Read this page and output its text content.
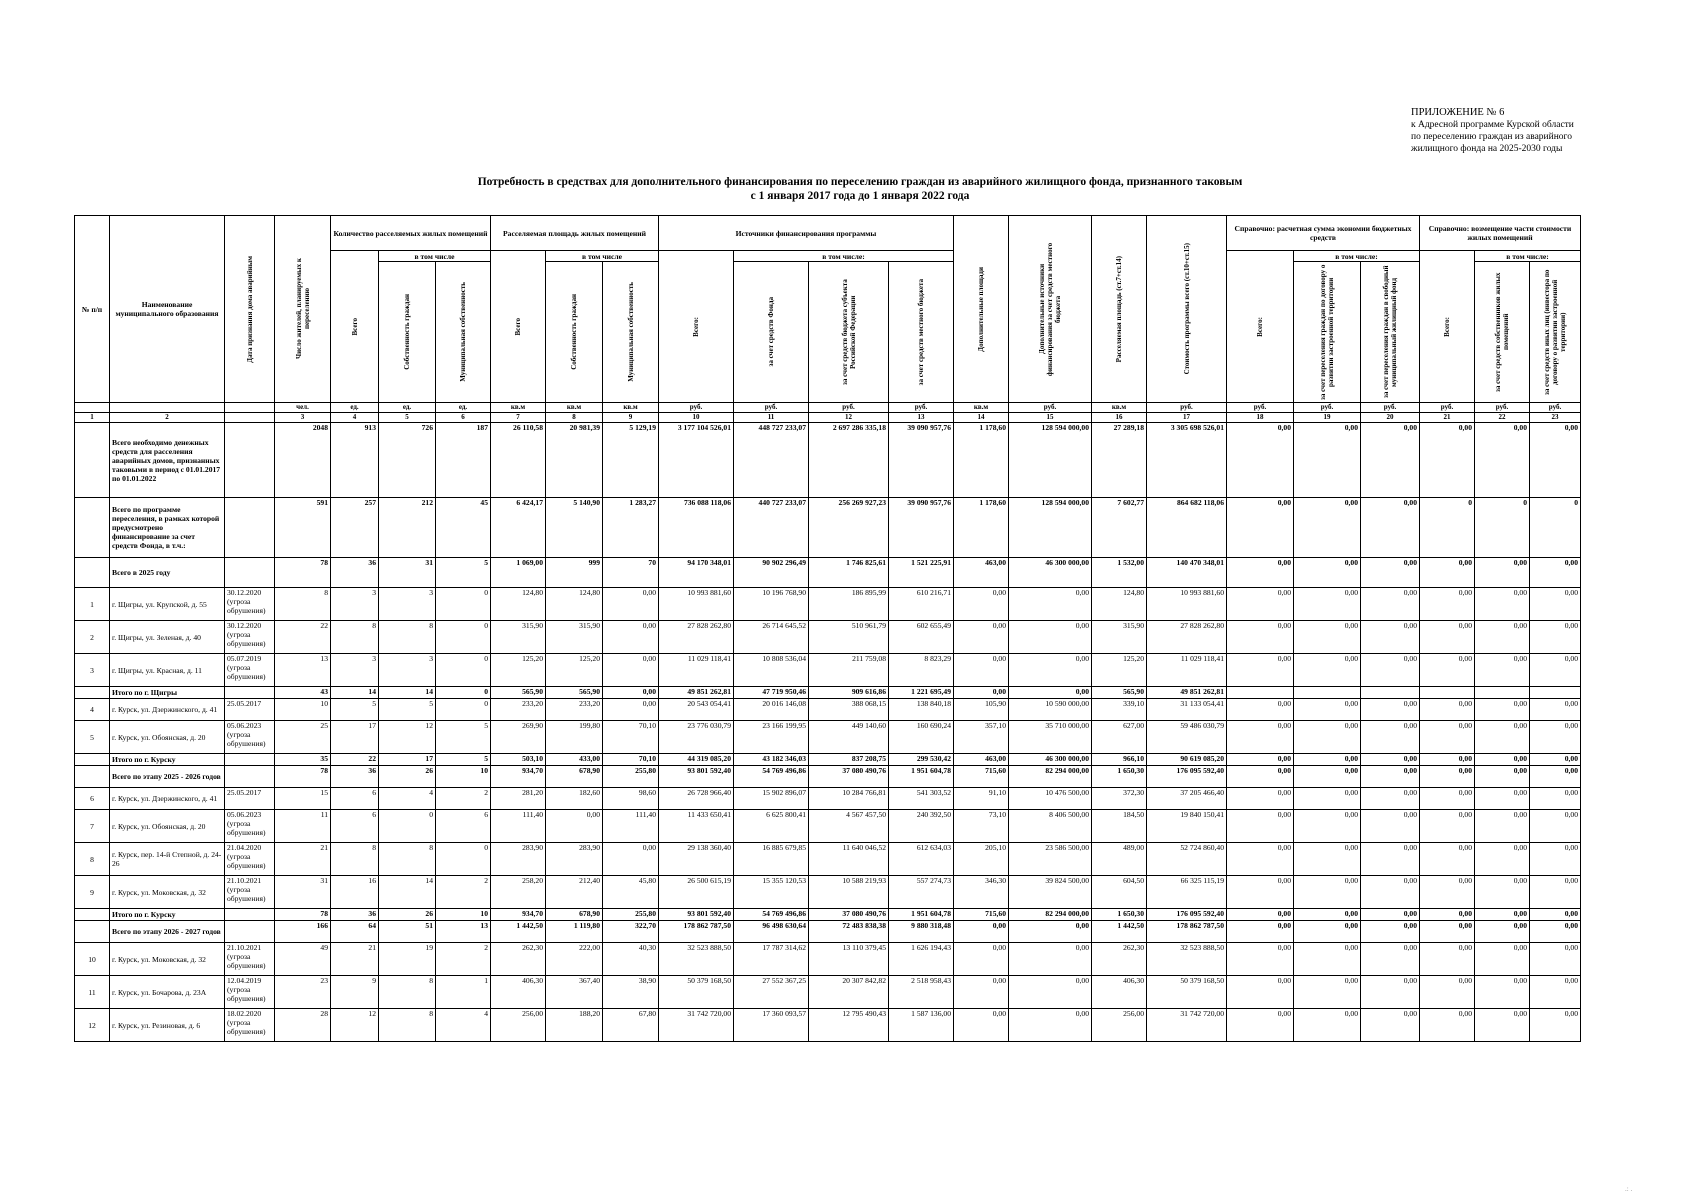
ПРИЛОЖЕНИЕ № 6
к Адресной программе Курской области
по переселению граждан из аварийного
жилищного фонда на 2025-2030 годы
Потребность в средствах для дополнительного финансирования по переселению граждан из аварийного жилищного фонда, признанного таковым
с 1 января 2017 года до 1 января 2022 года
№ п/п	Наименование муниципального образования	Дата признания дома аварийным	Число жителей, планируемых к переселению	Количество расселяемых жилых помещений			Расселяемая площадь жилых помещений			Источники финансирования программы				Дополнительные площади	Дополнительные источники финансирования за счет средств местного бюджета	Расселяемая площадь (ст.7+ст.14)	Стоимость программы всего (ст.10+ст.15)	Справочно: расчетная сумма экономии бюджетных средств			Справочно: возмещение части стоимости жилых помещений		

				Всего	в том числе		Всего	в том числе		Всего:	в том числе:							Всего:	в том числе:		Всего:	в том числе:	

					Собственность граждан	Муниципальная собственность		Собственность граждан	Муниципальная собственность		за счет средств Фонда	за счет средств бюджета субъекта Российской Федерации	за счет средств местного бюджета						за счет переселения граждан по договору о развитии застроенной территории	за счет переселения граждан в свободный муниципальный жилищный фонд		за счет средств собственников жилых помещений	за счет средств иных лиц (инвестора по договору о развитии застроенной территории)

			чел.	ед.	ед.	ед.	кв.м	кв.м	кв.м	руб.	руб.	руб.	руб.	кв.м	руб.	кв.м	руб.	руб.	руб.	руб.	руб.	руб.	руб.
1	2		3	4	5	6	7	8	9	10	11	12	13	14	15	16	17	18	19	20	21	22	23
	Всего необходимо денежных средств для расселения аварийных домов, признанных таковыми в период с 01.01.2017 по 01.01.2022		2048	913	726	187	26 110,58	20 981,39	5 129,19	3 177 104 526,01	448 727 233,07	2 697 286 335,18	39 090 957,76	1 178,60	128 594 000,00	27 289,18	3 305 698 526,01	0,00	0,00	0,00	0,00	0,00	0,00
	Всего по программе переселения, в рамках которой предусмотрено финансирование за счет средств Фонда, в т.ч.:		591	257	212	45	6 424,17	5 140,90	1 283,27	736 088 118,06	440 727 233,07	256 269 927,23	39 090 957,76	1 178,60	128 594 000,00	7 602,77	864 682 118,06	0,00	0,00	0,00	0	0	0
	Всего в 2025 году		78	36	31	5	1 069,00	999	70	94 170 348,01	90 902 296,49	1 746 825,61	1 521 225,91	463,00	46 300 000,00	1 532,00	140 470 348,01	0,00	0,00	0,00	0,00	0,00	0,00
1	г. Щигры, ул. Крупской, д. 55	30.12.2020 (угроза обрушения)	8	3	3	0	124,80	124,80	0,00	10 993 881,60	10 196 768,90	186 895,99	610 216,71	0,00	0,00	124,80	10 993 881,60	0,00	0,00	0,00	0,00	0,00	0,00
2	г. Щигры, ул. Зеленая, д. 40	30.12.2020 (угроза обрушения)	22	8	8	0	315,90	315,90	0,00	27 828 262,80	26 714 645,52	510 961,79	602 655,49	0,00	0,00	315,90	27 828 262,80	0,00	0,00	0,00	0,00	0,00	0,00
3	г. Щигры, ул. Красная, д. 11	05.07.2019 (угроза обрушения)	13	3	3	0	125,20	125,20	0,00	11 029 118,41	10 808 536,04	211 759,08	8 823,29	0,00	0,00	125,20	11 029 118,41	0,00	0,00	0,00	0,00	0,00	0,00
	Итого по г. Щигры		43	14	14	0	565,90	565,90	0,00	49 851 262,81	47 719 950,46	909 616,86	1 221 695,49	0,00	0,00	565,90	49 851 262,81						
4	г. Курск, ул. Дзержинского, д. 41	25.05.2017	10	5	5	0	233,20	233,20	0,00	20 543 054,41	20 016 146,08	388 068,15	138 840,18	105,90	10 590 000,00	339,10	31 133 054,41	0,00	0,00	0,00	0,00	0,00	0,00
5	г. Курск, ул. Обоянская, д. 20	05.06.2023 (угроза обрушения)	25	17	12	5	269,90	199,80	70,10	23 776 030,79	23 166 199,95	449 140,60	160 690,24	357,10	35 710 000,00	627,00	59 486 030,79	0,00	0,00	0,00	0,00	0,00	0,00
	Итого по г. Курску		35	22	17	5	503,10	433,00	70,10	44 319 085,20	43 182 346,03	837 208,75	299 530,42	463,00	46 300 000,00	966,10	90 619 085,20	0,00	0,00	0,00	0,00	0,00	0,00
	Всего по этапу 2025 - 2026 годов		78	36	26	10	934,70	678,90	255,80	93 801 592,40	54 769 496,86	37 080 490,76	1 951 604,78	715,60	82 294 000,00	1 650,30	176 095 592,40	0,00	0,00	0,00	0,00	0,00	0,00
6	г. Курск, ул. Дзержинского, д. 41	25.05.2017	15	6	4	2	281,20	182,60	98,60	26 728 966,40	15 902 896,07	10 284 766,81	541 303,52	91,10	10 476 500,00	372,30	37 205 466,40	0,00	0,00	0,00	0,00	0,00	0,00
7	г. Курск, ул. Обоянская, д. 20	05.06.2023 (угроза обрушения)	11	6	0	6	111,40	0,00	111,40	11 433 650,41	6 625 800,41	4 567 457,50	240 392,50	73,10	8 406 500,00	184,50	19 840 150,41	0,00	0,00	0,00	0,00	0,00	0,00
8	г. Курск, пер. 14-й Степной, д. 24-26	21.04.2020 (угроза обрушения)	21	8	8	0	283,90	283,90	0,00	29 138 360,40	16 885 679,85	11 640 046,52	612 634,03	205,10	23 586 500,00	489,00	52 724 860,40	0,00	0,00	0,00	0,00	0,00	0,00
9	г. Курск, ул. Моковская, д. 32	21.10.2021 (угроза обрушения)	31	16	14	2	258,20	212,40	45,80	26 500 615,19	15 355 120,53	10 588 219,93	557 274,73	346,30	39 824 500,00	604,50	66 325 115,19	0,00	0,00	0,00	0,00	0,00	0,00
	Итого по г. Курску		78	36	26	10	934,70	678,90	255,80	93 801 592,40	54 769 496,86	37 080 490,76	1 951 604,78	715,60	82 294 000,00	1 650,30	176 095 592,40	0,00	0,00	0,00	0,00	0,00	0,00
	Всего по этапу 2026 - 2027 годов		166	64	51	13	1 442,50	1 119,80	322,70	178 862 787,50	96 498 630,64	72 483 838,38	9 880 318,48	0,00	0,00	1 442,50	178 862 787,50	0,00	0,00	0,00	0,00	0,00	0,00
10	г. Курск, ул. Моковская, д. 32	21.10.2021 (угроза обрушения)	49	21	19	2	262,30	222,00	40,30	32 523 888,50	17 787 314,62	13 110 379,45	1 626 194,43	0,00	0,00	262,30	32 523 888,50	0,00	0,00	0,00	0,00	0,00	0,00
11	г. Курск, ул. Бочарова, д. 23А	12.04.2019 (угроза обрушения)	23	9	8	1	406,30	367,40	38,90	50 379 168,50	27 552 367,25	20 307 842,82	2 518 958,43	0,00	0,00	406,30	50 379 168,50	0,00	0,00	0,00	0,00	0,00	0,00
12	г. Курск, ул. Резиновая, д. 6	18.02.2020 (угроза обрушения)	28	12	8	4	256,00	188,20	67,80	31 742 720,00	17 360 093,57	12 795 490,43	1 587 136,00	0,00	0,00	256,00	31 742 720,00	0,00	0,00	0,00	0,00	0,00	0,00
.: .
